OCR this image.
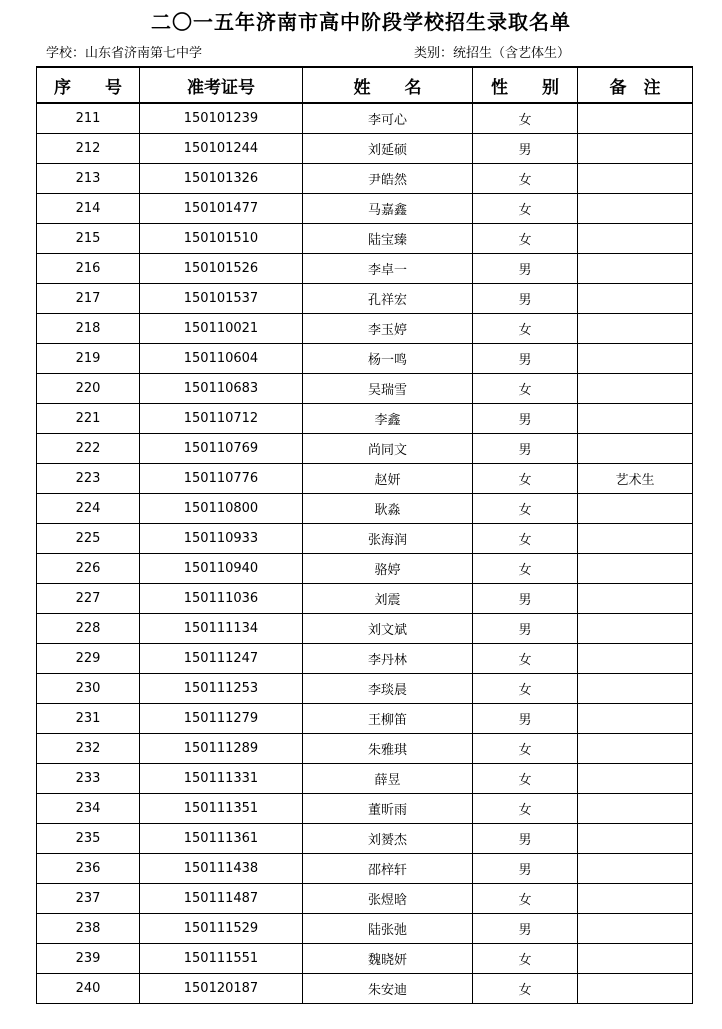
二〇一五年济南市高中阶段学校招生录取名单
学校：山东省济南第七中学	类别：统招生（含艺体生）
序　　号	准考证号	姓　　名	性　　别	备　注
211	150101239	李可心	女	
212	150101244	刘延硕	男	
213	150101326	尹皓然	女	
214	150101477	马嘉鑫	女	
215	150101510	陆宝臻	女	
216	150101526	李卓一	男	
217	150101537	孔祥宏	男	
218	150110021	李玉婷	女	
219	150110604	杨一鸣	男	
220	150110683	吴瑞雪	女	
221	150110712	李鑫	男	
222	150110769	尚同文	男	
223	150110776	赵妍	女	艺术生
224	150110800	耿淼	女	
225	150110933	张海润	女	
226	150110940	骆婷	女	
227	150111036	刘震	男	
228	150111134	刘文斌	男	
229	150111247	李丹林	女	
230	150111253	李琰晨	女	
231	150111279	王柳笛	男	
232	150111289	朱雅琪	女	
233	150111331	薛昱	女	
234	150111351	董昕雨	女	
235	150111361	刘赟杰	男	
236	150111438	邵梓轩	男	
237	150111487	张煜晗	女	
238	150111529	陆张弛	男	
239	150111551	魏晓妍	女	
240	150120187	朱安迪	女	
